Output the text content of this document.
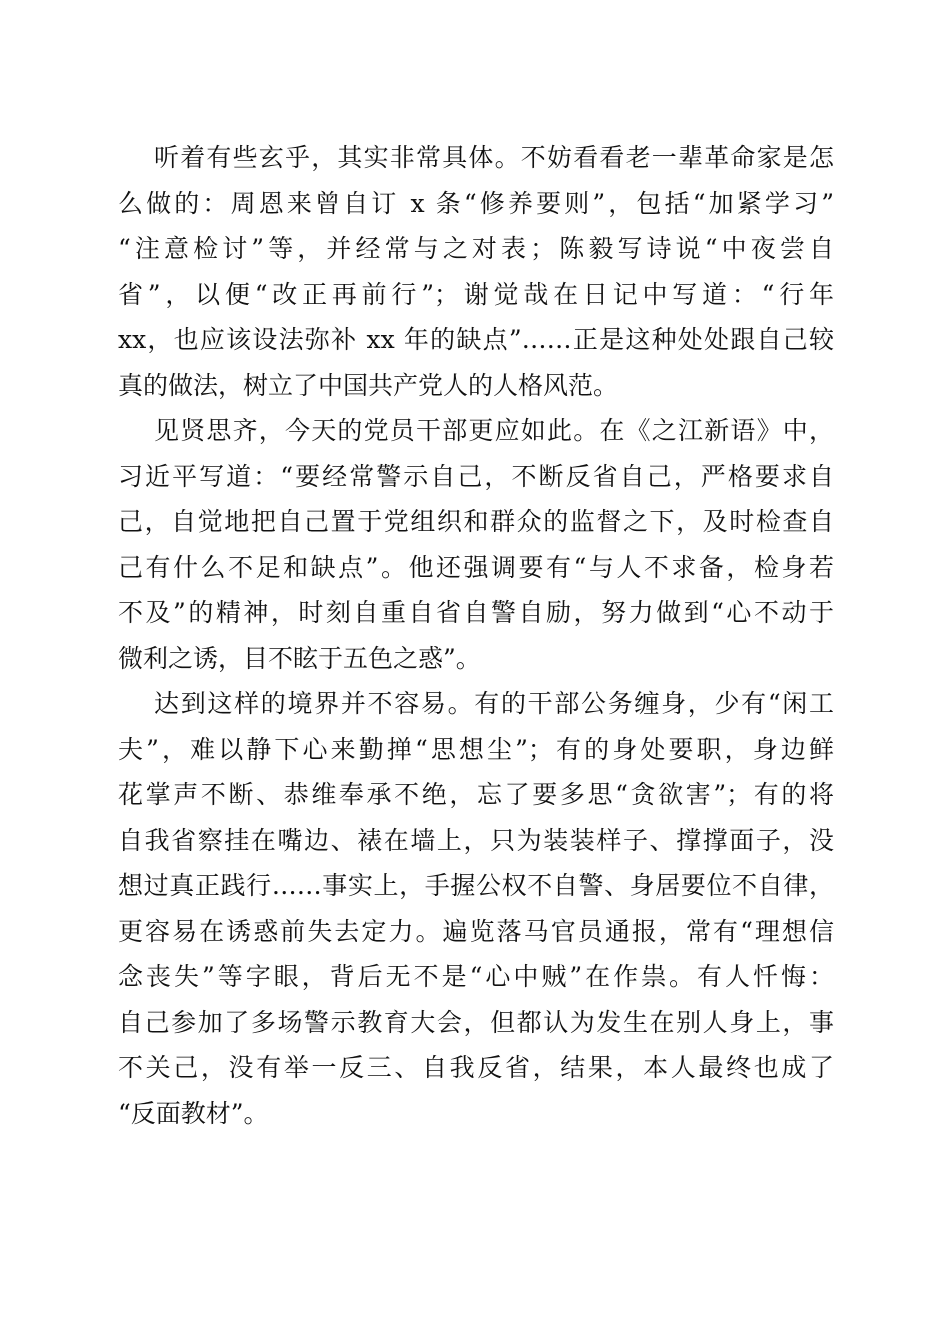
听着有些玄乎，其实非常具体。不妨看看老一辈革命家是怎
么做的：周恩来曾自订 x 条“修养要则”，包括“加紧学习”
“注意检讨”等，并经常与之对表；陈毅写诗说“中夜尝自
省”，以便“改正再前行”；谢觉哉在日记中写道：“行年
xx，也应该设法弥补 xx 年的缺点”……正是这种处处跟自己较
真的做法，树立了中国共产党人的人格风范。
见贤思齐，今天的党员干部更应如此。在《之江新语》中，
习近平写道：“要经常警示自己，不断反省自己，严格要求自
己，自觉地把自己置于党组织和群众的监督之下，及时检查自
己有什么不足和缺点”。他还强调要有“与人不求备，检身若
不及”的精神，时刻自重自省自警自励，努力做到“心不动于
微利之诱，目不眩于五色之惑”。
达到这样的境界并不容易。有的干部公务缠身，少有“闲工
夫”，难以静下心来勤掸“思想尘”；有的身处要职，身边鲜
花掌声不断、恭维奉承不绝，忘了要多思“贪欲害”；有的将
自我省察挂在嘴边、裱在墙上，只为装装样子、撑撑面子，没
想过真正践行……事实上，手握公权不自警、身居要位不自律，
更容易在诱惑前失去定力。遍览落马官员通报，常有“理想信
念丧失”等字眼，背后无不是“心中贼”在作祟。有人忏悔：
自己参加了多场警示教育大会，但都认为发生在别人身上，事
不关己，没有举一反三、自我反省，结果，本人最终也成了
“反面教材”。
